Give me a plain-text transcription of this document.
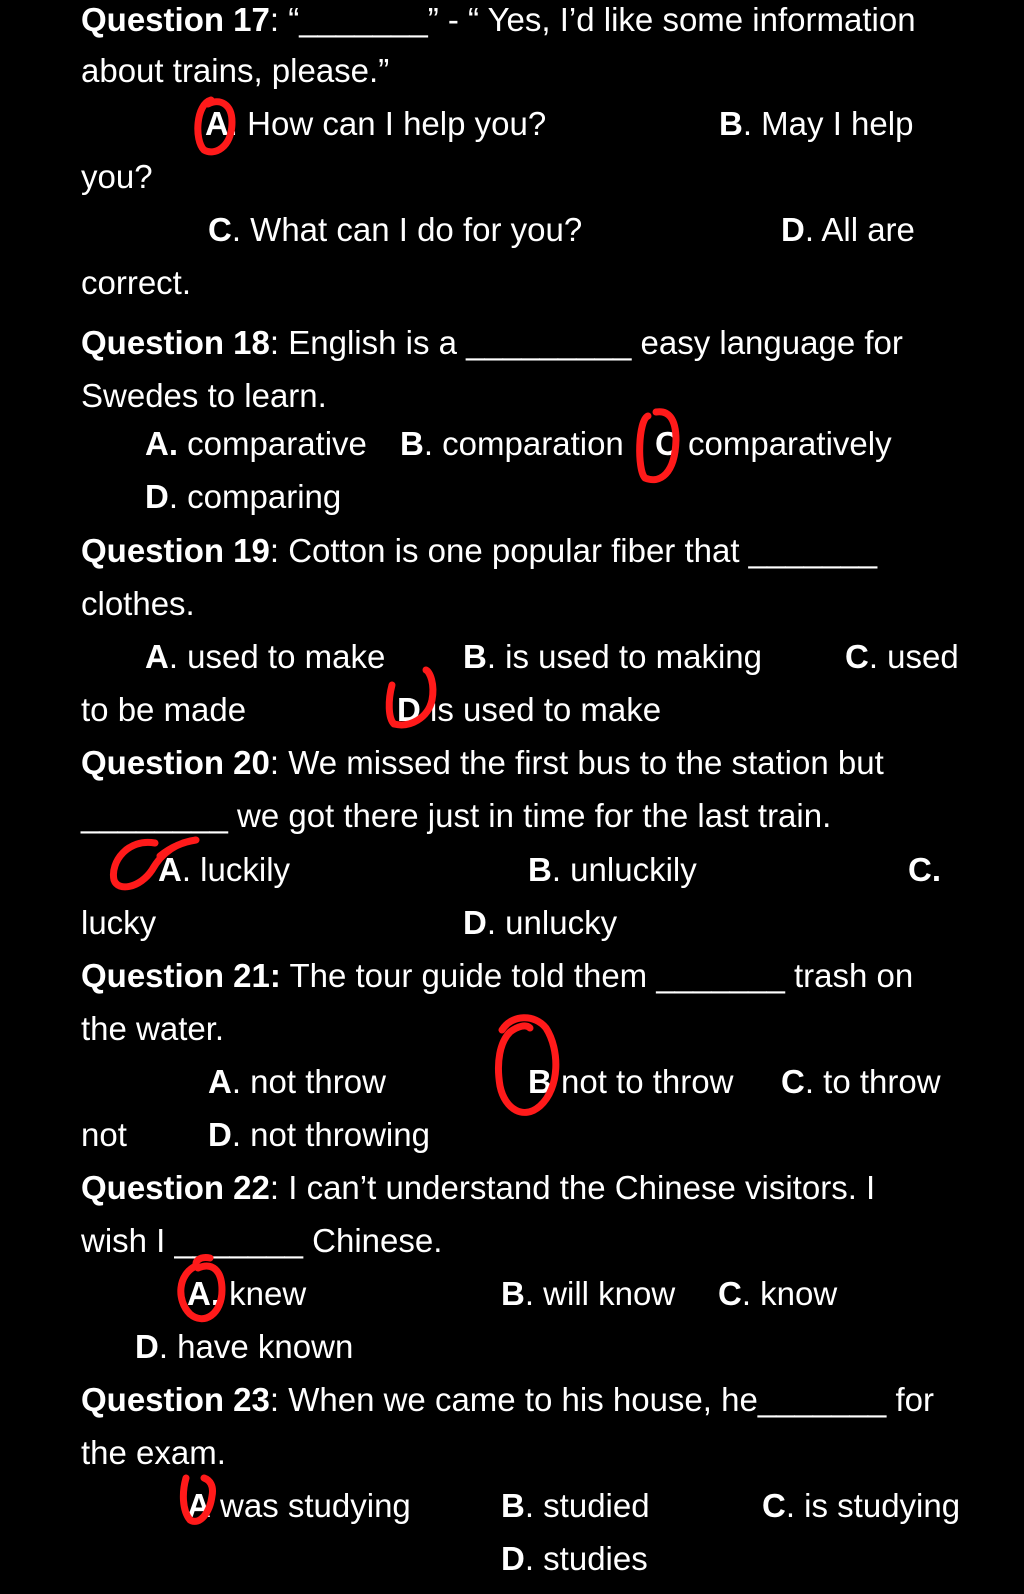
Question 17: “_______” - “ Yes, I’d like some information
about trains, please.”
A. How can I help you?	B. May I help
you?
C. What can I do for you?	D. All are
correct.
Question 18: English is a _________ easy language for
Swedes to learn.
A. comparative B. comparation C comparatively
D. comparing
Question 19: Cotton is one popular fiber that _______
clothes.
A. used to make B. is used to making	C. used
to be made	D is used to make
Question 20: We missed the first bus to the station but
________ we got there just in time for the last train.
A. luckily	B. unluckily	C.
lucky	D. unlucky
Question 21: The tour guide told them _______ trash on
the water.
A. not throw	B not to throw C. to throw
not D. not throwing
Question 22: I can’t understand the Chinese visitors. I
wish I _______ Chinese.
A. knew	B. will know C. know
D. have known
Question 23: When we came to his house, he_______ for
the exam.
A was studying	B. studied	C. is studying
D. studies
